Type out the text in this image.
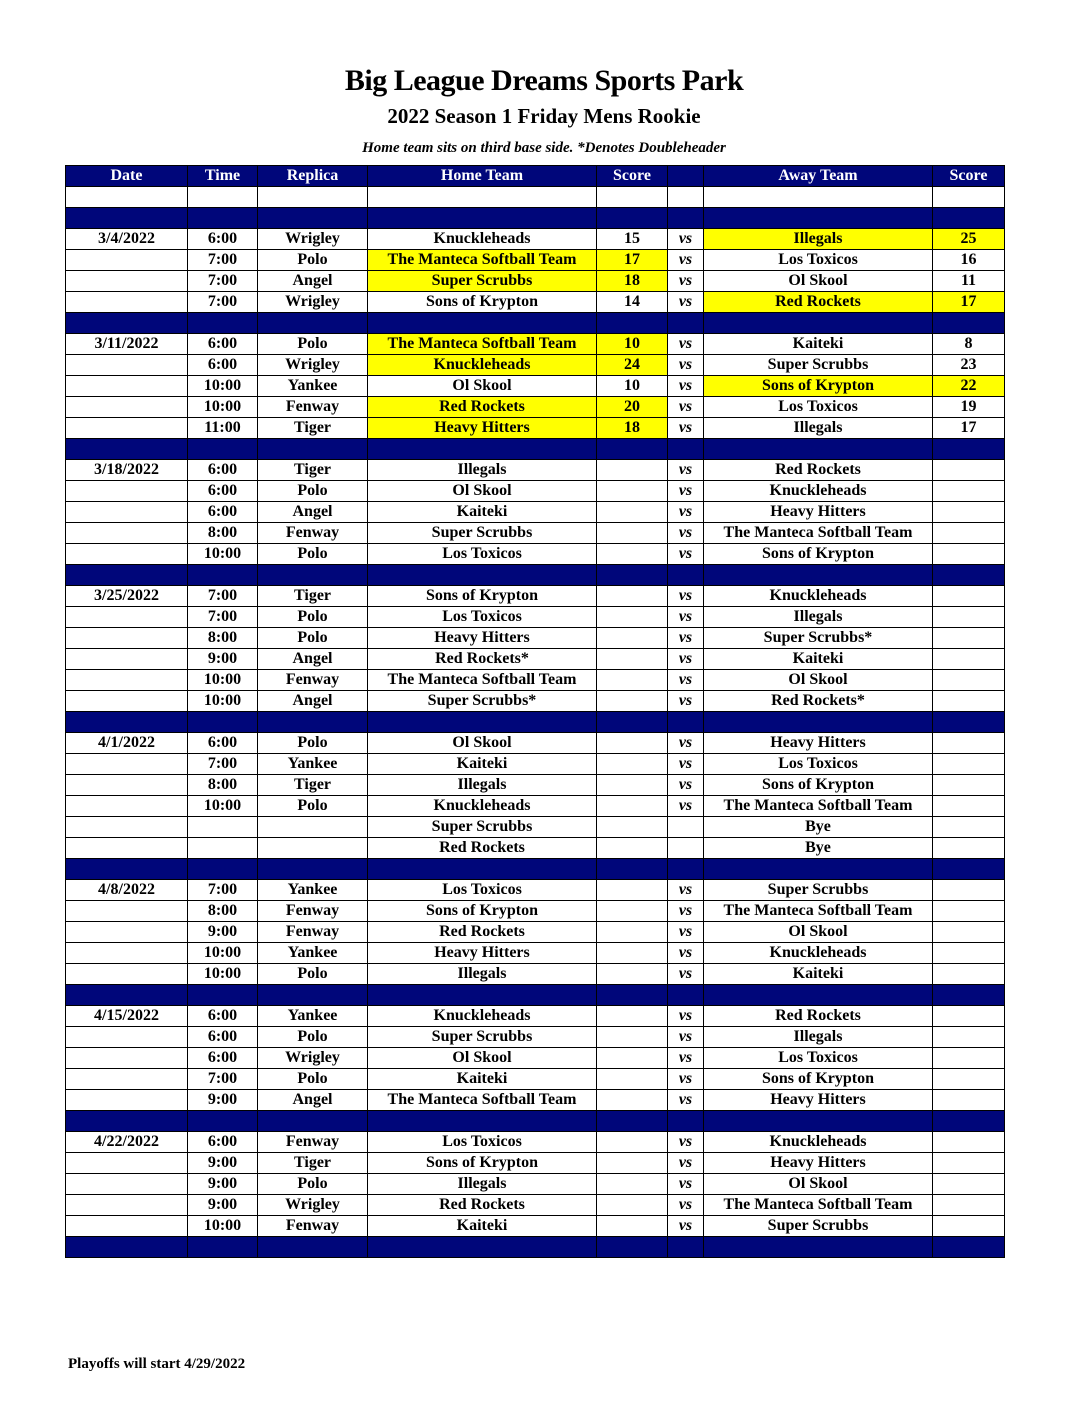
Big League Dreams Sports Park
2022 Season 1 Friday Mens Rookie
Home team sits on third base side. *Denotes Doubleheader
Date	Time	Replica	Home Team	Score		Away Team	Score

3/4/2022	6:00	Wrigley	Knuckleheads	15	vs	Illegals	25
	7:00	Polo	The Manteca Softball Team	17	vs	Los Toxicos	16
	7:00	Angel	Super Scrubbs	18	vs	Ol Skool	11
	7:00	Wrigley	Sons of Krypton	14	vs	Red Rockets	17

3/11/2022	6:00	Polo	The Manteca Softball Team	10	vs	Kaiteki	8
	6:00	Wrigley	Knuckleheads	24	vs	Super Scrubbs	23
	10:00	Yankee	Ol Skool	10	vs	Sons of Krypton	22
	10:00	Fenway	Red Rockets	20	vs	Los Toxicos	19
	11:00	Tiger	Heavy Hitters	18	vs	Illegals	17

3/18/2022	6:00	Tiger	Illegals		vs	Red Rockets	
	6:00	Polo	Ol Skool		vs	Knuckleheads	
	6:00	Angel	Kaiteki		vs	Heavy Hitters	
	8:00	Fenway	Super Scrubbs		vs	The Manteca Softball Team	
	10:00	Polo	Los Toxicos		vs	Sons of Krypton	

3/25/2022	7:00	Tiger	Sons of Krypton		vs	Knuckleheads	
	7:00	Polo	Los Toxicos		vs	Illegals	
	8:00	Polo	Heavy Hitters		vs	Super Scrubbs*	
	9:00	Angel	Red Rockets*		vs	Kaiteki	
	10:00	Fenway	The Manteca Softball Team		vs	Ol Skool	
	10:00	Angel	Super Scrubbs*		vs	Red Rockets*	

4/1/2022	6:00	Polo	Ol Skool		vs	Heavy Hitters	
	7:00	Yankee	Kaiteki		vs	Los Toxicos	
	8:00	Tiger	Illegals		vs	Sons of Krypton	
	10:00	Polo	Knuckleheads		vs	The Manteca Softball Team	
			Super Scrubbs			Bye	
			Red Rockets			Bye	

4/8/2022	7:00	Yankee	Los Toxicos		vs	Super Scrubbs	
	8:00	Fenway	Sons of Krypton		vs	The Manteca Softball Team	
	9:00	Fenway	Red Rockets		vs	Ol Skool	
	10:00	Yankee	Heavy Hitters		vs	Knuckleheads	
	10:00	Polo	Illegals		vs	Kaiteki	

4/15/2022	6:00	Yankee	Knuckleheads		vs	Red Rockets	
	6:00	Polo	Super Scrubbs		vs	Illegals	
	6:00	Wrigley	Ol Skool		vs	Los Toxicos	
	7:00	Polo	Kaiteki		vs	Sons of Krypton	
	9:00	Angel	The Manteca Softball Team		vs	Heavy Hitters	

4/22/2022	6:00	Fenway	Los Toxicos		vs	Knuckleheads	
	9:00	Tiger	Sons of Krypton		vs	Heavy Hitters	
	9:00	Polo	Illegals		vs	Ol Skool	
	9:00	Wrigley	Red Rockets		vs	The Manteca Softball Team	
	10:00	Fenway	Kaiteki		vs	Super Scrubbs	

Playoffs will start 4/29/2022
